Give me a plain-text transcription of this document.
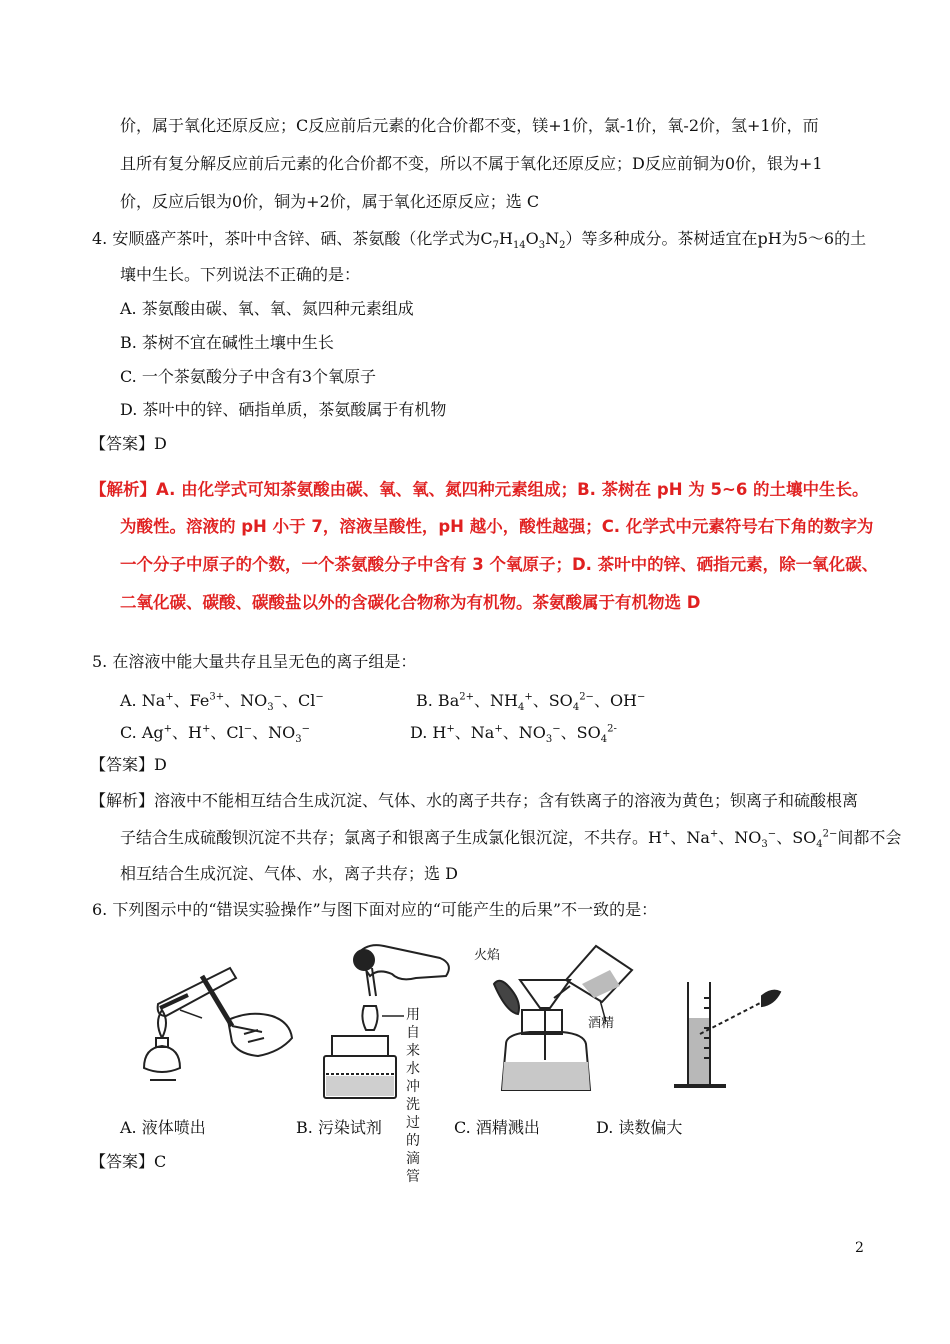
价，属于氧化还原反应；C反应前后元素的化合价都不变，镁+1价，氯-1价，氧-2价，氢+1价，而
且所有复分解反应前后元素的化合价都不变，所以不属于氧化还原反应；D反应前铜为0价，银为+1
价，反应后银为0价，铜为+2价，属于氧化还原反应；选 C
4. 安顺盛产茶叶，茶叶中含锌、硒、茶氨酸（化学式为$C_7H_{14}O_3N_2$）等多种成分。茶树适宜在pH为5～6的土
壤中生长。下列说法不正确的是：
A. 茶氨酸由碳、氧、氧、氮四种元素组成
B. 茶树不宜在碱性土壤中生长
C. 一个茶氨酸分子中含有3个氧原子
D. 茶叶中的锌、硒指单质，茶氨酸属于有机物
【答案】D
【解析】A. 由化学式可知茶氨酸由碳、氧、氧、氮四种元素组成；B. 茶树在 pH 为 5~6 的土壤中生长。
为酸性。溶液的 pH 小于 7，溶液呈酸性，pH 越小，酸性越强；C. 化学式中元素符号右下角的数字为
一个分子中原子的个数，一个茶氨酸分子中含有 3 个氧原子；D. 茶叶中的锌、硒指元素，除一氧化碳、
二氧化碳、碳酸、碳酸盐以外的含碳化合物称为有机物。茶氨酸属于有机物选 D
5. 在溶液中能大量共存且呈无色的离子组是：
A. Na+、$Fe^{3+}$、$NO_3^-$、Cl−	B. $Ba^{2+}$、$NH_4^+$、$SO_4^{2-}$、OH−
C. Ag+、H+、Cl−、$NO_3^-$	D. H+、Na+、$NO_3^-$、$SO_4^{2-}$
【答案】D
【解析】溶液中不能相互结合生成沉淀、气体、水的离子共存；含有铁离子的溶液为黄色；钡离子和硫酸根离
子结合生成硫酸钡沉淀不共存；氯离子和银离子生成氯化银沉淀，不共存。H+、Na+、$NO_3^-$、$SO_4^{2-}$间都不会
相互结合生成沉淀、气体、水，离子共存；选 D
6. 下列图示中的“错误实验操作”与图下面对应的“可能产生的后果”不一致的是：
用自
来水
冲洗
过的
滴管
火焰
酒精
A. 液体喷出	B. 污染试剂	C. 酒精溅出	D. 读数偏大
【答案】C
2
